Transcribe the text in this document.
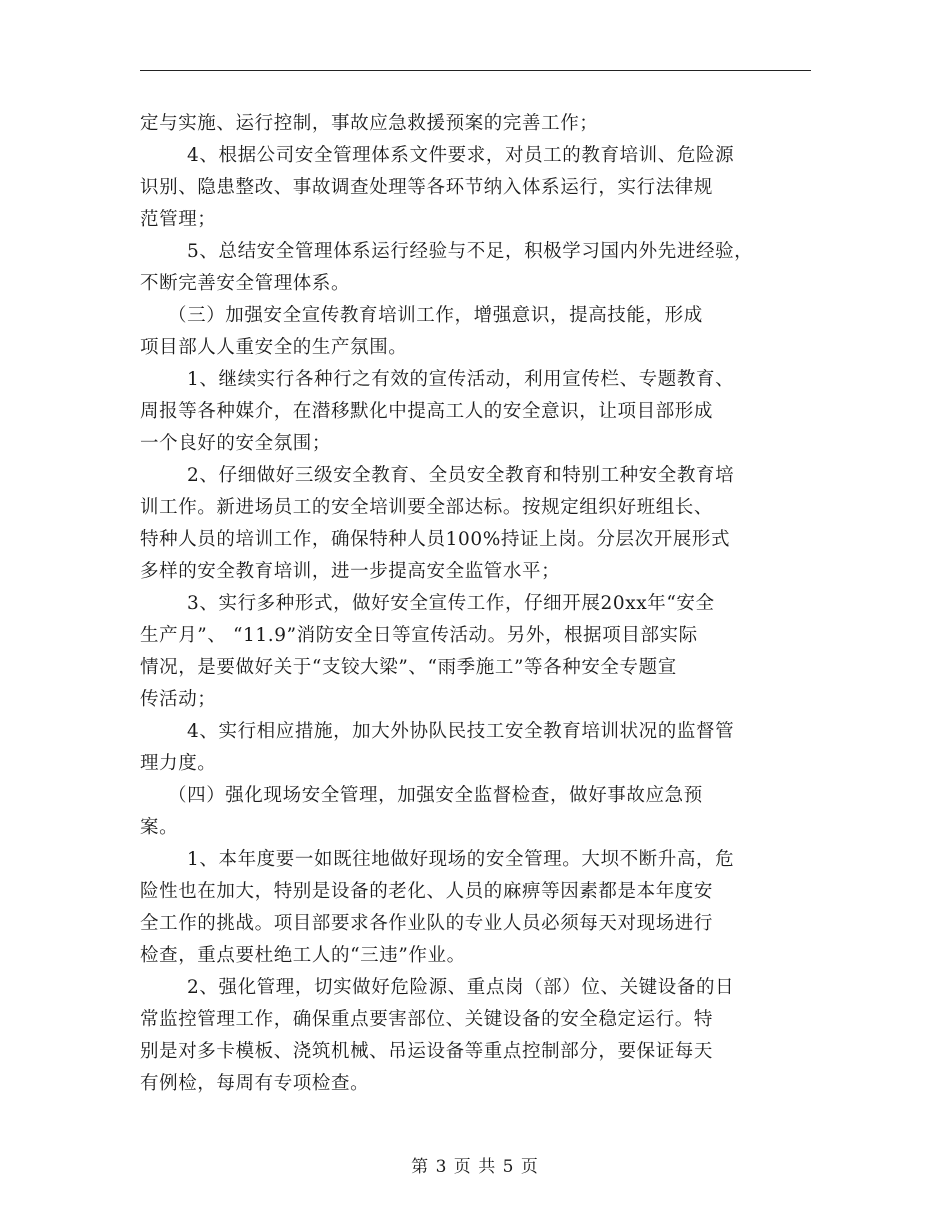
定与实施、运行控制，事故应急救援预案的完善工作；
4、根据公司安全管理体系文件要求，对员工的教育培训、危险源
识别、隐患整改、事故调查处理等各环节纳入体系运行，实行法律规
范管理；
5、总结安全管理体系运行经验与不足，积极学习国内外先进经验，
不断完善安全管理体系。
（三）加强安全宣传教育培训工作，增强意识，提高技能，形成
项目部人人重安全的生产氛围。
1、继续实行各种行之有效的宣传活动，利用宣传栏、专题教育、
周报等各种媒介，在潜移默化中提高工人的安全意识，让项目部形成
一个良好的安全氛围；
2、仔细做好三级安全教育、全员安全教育和特别工种安全教育培
训工作。新进场员工的安全培训要全部达标。按规定组织好班组长、
特种人员的培训工作，确保特种人员100%持证上岗。分层次开展形式
多样的安全教育培训，进一步提高安全监管水平；
3、实行多种形式，做好安全宣传工作，仔细开展20xx年“安全
生产月”、 “11.9”消防安全日等宣传活动。另外，根据项目部实际
情况，是要做好关于“支铰大梁”、“雨季施工”等各种安全专题宣
传活动；
4、实行相应措施，加大外协队民技工安全教育培训状况的监督管
理力度。
（四）强化现场安全管理，加强安全监督检查，做好事故应急预
案。
1、本年度要一如既往地做好现场的安全管理。大坝不断升高，危
险性也在加大，特别是设备的老化、人员的麻痹等因素都是本年度安
全工作的挑战。项目部要求各作业队的专业人员必须每天对现场进行
检查，重点要杜绝工人的“三违”作业。
2、强化管理，切实做好危险源、重点岗（部）位、关键设备的日
常监控管理工作，确保重点要害部位、关键设备的安全稳定运行。特
别是对多卡模板、浇筑机械、吊运设备等重点控制部分，要保证每天
有例检，每周有专项检查。
第 3 页 共 5 页
